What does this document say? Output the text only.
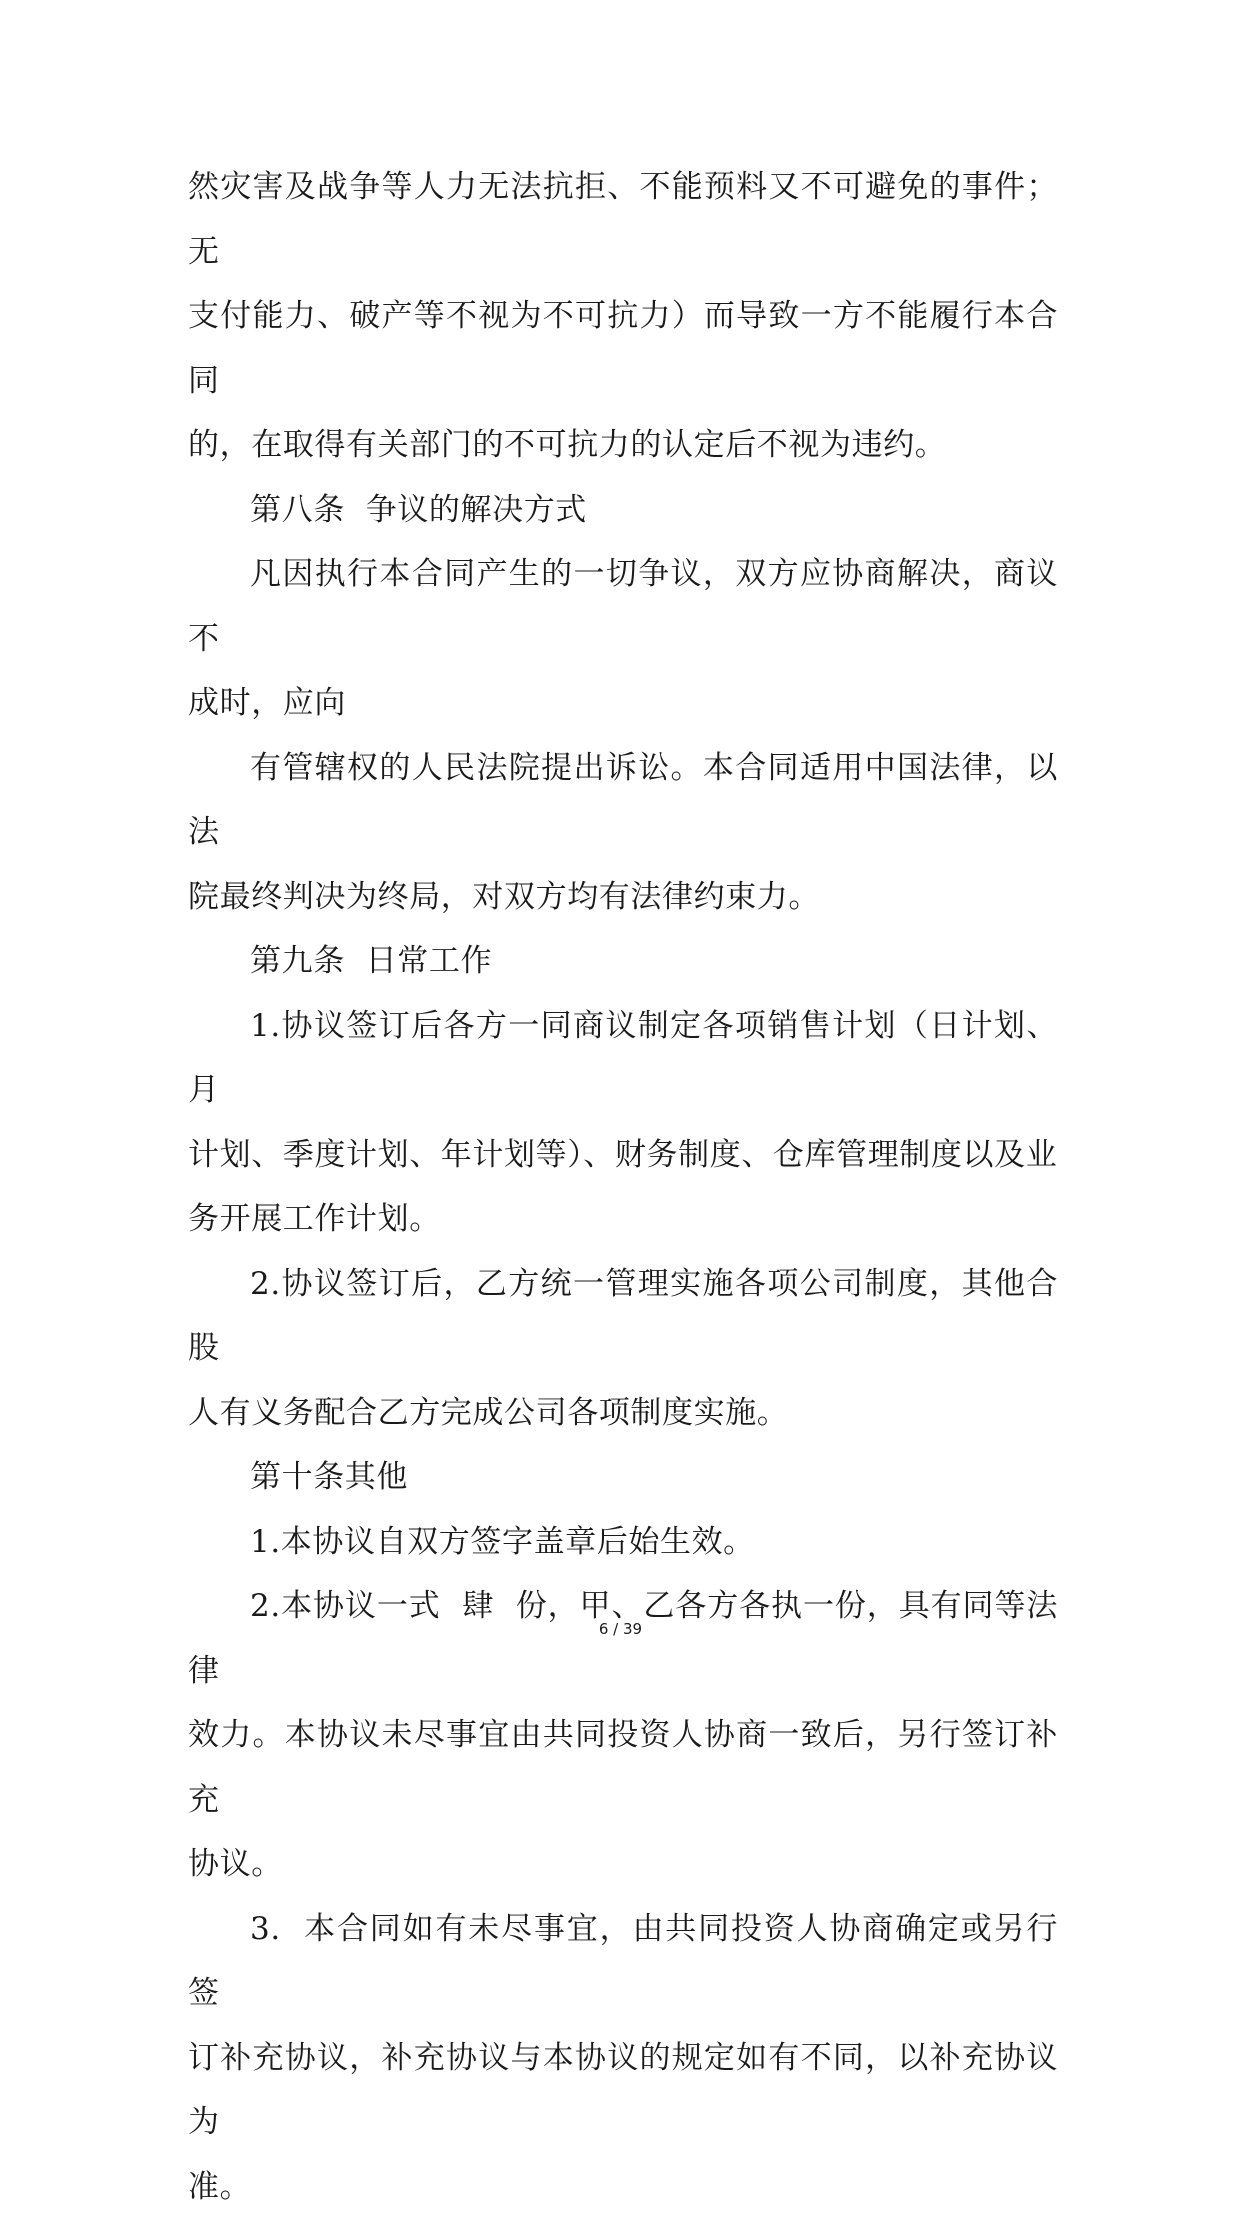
然灾害及战争等人力无法抗拒、不能预料又不可避免的事件；无

支付能力、破产等不视为不可抗力）而导致一方不能履行本合同

的，在取得有关部门的不可抗力的认定后不视为违约。

第八条  争议的解决方式

凡因执行本合同产生的一切争议，双方应协商解决，商议不

成时，应向

有管辖权的人民法院提出诉讼。本合同适用中国法律，以法

院最终判决为终局，对双方均有法律约束力。

第九条  日常工作

1.协议签订后各方一同商议制定各项销售计划（日计划、月

计划、季度计划、年计划等）、财务制度、仓库管理制度以及业

务开展工作计划。

2.协议签订后，乙方统一管理实施各项公司制度，其他合股

人有义务配合乙方完成公司各项制度实施。

第十条其他

1.本协议自双方签字盖章后始生效。

2.本协议一式  肆  份，甲、乙各方各执一份，具有同等法律

效力。本协议未尽事宜由共同投资人协商一致后，另行签订补充

协议。

3.  本合同如有未尽事宜，由共同投资人协商确定或另行签

订补充协议，补充协议与本协议的规定如有不同，以补充协议为

准。

6 / 39
